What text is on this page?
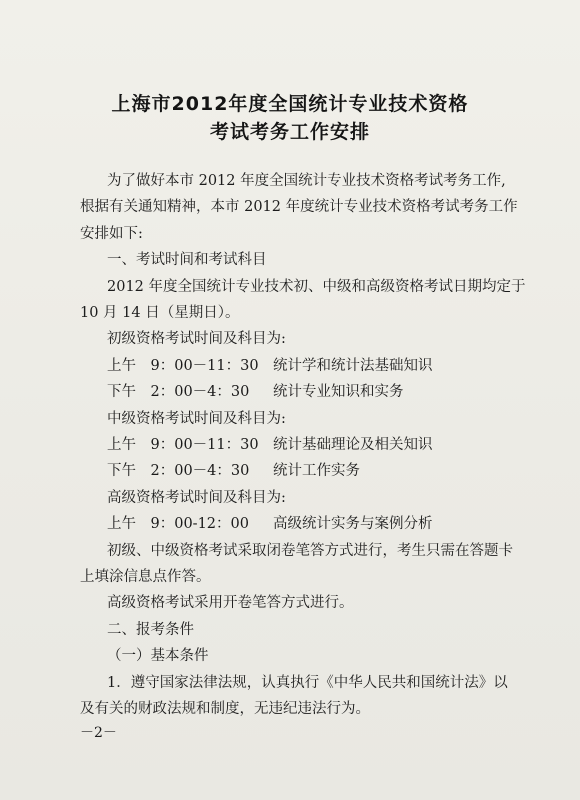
上海市2012年度全国统计专业技术资格
考试考务工作安排
为了做好本市 2012 年度全国统计专业技术资格考试考务工作,
根据有关通知精神，本市 2012 年度统计专业技术资格考试考务工作
安排如下:
一、考试时间和考试科目
2012 年度全国统计专业技术初、中级和高级资格考试日期均定于
10 月 14 日（星期日）。
初级资格考试时间及科目为:
上午　9：00－11：30 统计学和统计法基础知识
下午　2：00－4：30 统计专业知识和实务
中级资格考试时间及科目为:
上午　9：00－11：30 统计基础理论及相关知识
下午　2：00－4：30 统计工作实务
高级资格考试时间及科目为:
上午　9：00-12：00 高级统计实务与案例分析
初级、中级资格考试采取闭卷笔答方式进行，考生只需在答题卡
上填涂信息点作答。
高级资格考试采用开卷笔答方式进行。
二、报考条件
（一）基本条件
1．遵守国家法律法规，认真执行《中华人民共和国统计法》以
及有关的财政法规和制度，无违纪违法行为。
－2－
